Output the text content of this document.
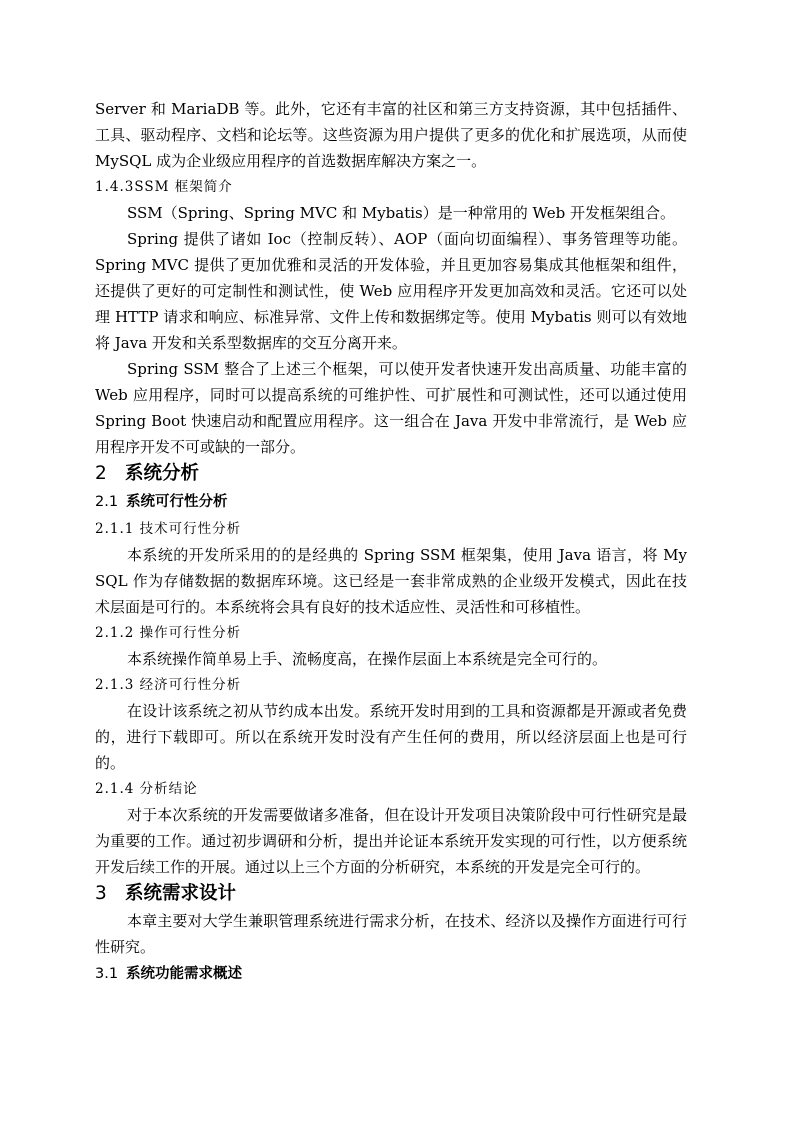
Server 和 MariaDB 等。此外，它还有丰富的社区和第三方支持资源，其中包括插件、工具、驱动程序、文档和论坛等。这些资源为用户提供了更多的优化和扩展选项，从而使 MySQL 成为企业级应用程序的首选数据库解决方案之一。

1.4.3SSM 框架简介

SSM（Spring、Spring MVC 和 Mybatis）是一种常用的 Web 开发框架组合。

Spring 提供了诸如 Ioc（控制反转）、AOP（面向切面编程）、事务管理等功能。Spring MVC 提供了更加优雅和灵活的开发体验，并且更加容易集成其他框架和组件，还提供了更好的可定制性和测试性，使 Web 应用程序开发更加高效和灵活。它还可以处理 HTTP 请求和响应、标准异常、文件上传和数据绑定等。使用 Mybatis 则可以有效地将 Java 开发和关系型数据库的交互分离开来。

Spring SSM 整合了上述三个框架，可以使开发者快速开发出高质量、功能丰富的 Web 应用程序，同时可以提高系统的可维护性、可扩展性和可测试性，还可以通过使用 Spring Boot 快速启动和配置应用程序。这一组合在 Java 开发中非常流行，是 Web 应用程序开发不可或缺的一部分。

2 系统分析

2.1 系统可行性分析

2.1.1 技术可行性分析

本系统的开发所采用的的是经典的 Spring SSM 框架集，使用 Java 语言，将 My SQL 作为存储数据的数据库环境。这已经是一套非常成熟的企业级开发模式，因此在技术层面是可行的。本系统将会具有良好的技术适应性、灵活性和可移植性。

2.1.2 操作可行性分析

本系统操作简单易上手、流畅度高，在操作层面上本系统是完全可行的。

2.1.3 经济可行性分析

在设计该系统之初从节约成本出发。系统开发时用到的工具和资源都是开源或者免费的，进行下载即可。所以在系统开发时没有产生任何的费用，所以经济层面上也是可行的。

2.1.4 分析结论

对于本次系统的开发需要做诸多准备，但在设计开发项目决策阶段中可行性研究是最为重要的工作。通过初步调研和分析，提出并论证本系统开发实现的可行性，以方便系统开发后续工作的开展。通过以上三个方面的分析研究，本系统的开发是完全可行的。

3 系统需求设计

本章主要对大学生兼职管理系统进行需求分析，在技术、经济以及操作方面进行可行性研究。

3.1 系统功能需求概述
